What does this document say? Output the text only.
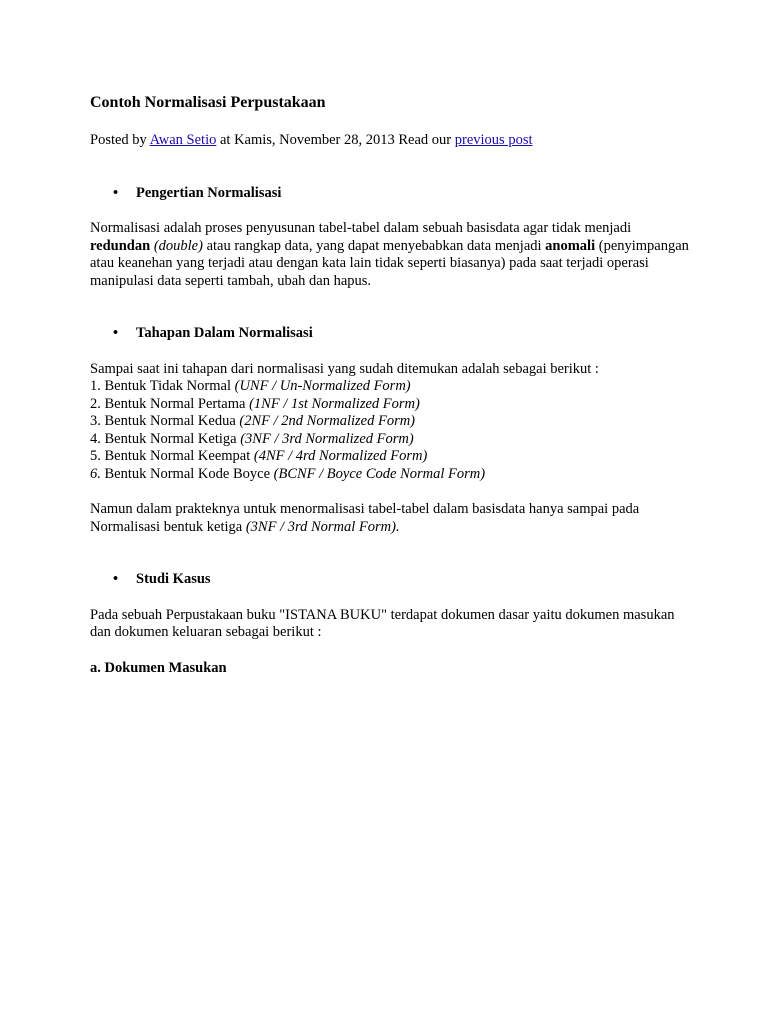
Contoh Normalisasi Perpustakaan
Posted by Awan Setio at Kamis, November 28, 2013 Read our previous post
• Pengertian Normalisasi
Normalisasi adalah proses penyusunan tabel-tabel dalam sebuah basisdata agar tidak menjadi redundan (double) atau rangkap data, yang dapat menyebabkan data menjadi anomali (penyimpangan atau keanehan yang terjadi atau dengan kata lain tidak seperti biasanya) pada saat terjadi operasi manipulasi data seperti tambah, ubah dan hapus.
• Tahapan Dalam Normalisasi
Sampai saat ini tahapan dari normalisasi yang sudah ditemukan adalah sebagai berikut :
1. Bentuk Tidak Normal (UNF / Un-Normalized Form)
2. Bentuk Normal Pertama (1NF / 1st Normalized Form)
3. Bentuk Normal Kedua (2NF / 2nd Normalized Form)
4. Bentuk Normal Ketiga (3NF / 3rd Normalized Form)
5. Bentuk Normal Keempat (4NF / 4rd Normalized Form)
6. Bentuk Normal Kode Boyce (BCNF / Boyce Code Normal Form)
Namun dalam prakteknya untuk menormalisasi tabel-tabel dalam basisdata hanya sampai pada Normalisasi bentuk ketiga (3NF / 3rd Normal Form).
• Studi Kasus
Pada sebuah Perpustakaan buku "ISTANA BUKU" terdapat dokumen dasar yaitu dokumen masukan dan dokumen keluaran sebagai berikut :
a. Dokumen Masukan
